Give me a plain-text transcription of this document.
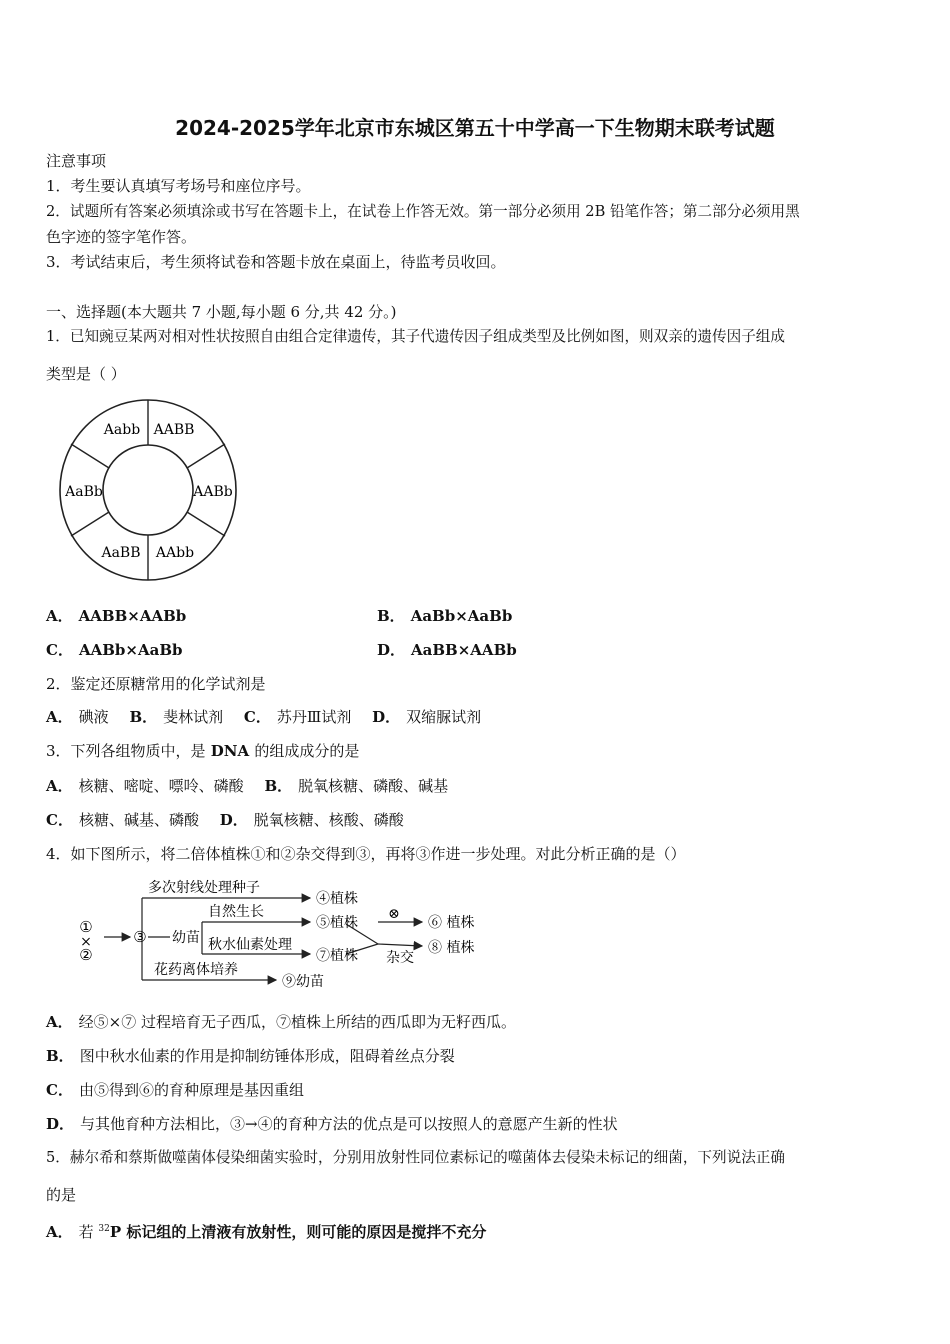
2024-2025学年北京市东城区第五十中学高一下生物期末联考试题
注意事项
1．考生要认真填写考场号和座位序号。
2．试题所有答案必须填涂或书写在答题卡上，在试卷上作答无效。第一部分必须用 2B 铅笔作答；第二部分必须用黑
色字迹的签字笔作答。
3．考试结束后，考生须将试卷和答题卡放在桌面上，待监考员收回。
一、选择题(本大题共 7 小题,每小题 6 分,共 42 分。)
1．已知豌豆某两对相对性状按照自由组合定律遗传，其子代遗传因子组成类型及比例如图，则双亲的遗传因子组成
类型是（ ）
Aabb AABB
AABb
AAbb
AaBB
AaBb
A． AABB×AABb	B． AaBb×AaBb
C． AABb×AaBb	D． AaBB×AABb
2．鉴定还原糖常用的化学试剂是
A． 碘液 B． 斐林试剂 C． 苏丹Ⅲ试剂 D． 双缩脲试剂
3．下列各组物质中，是 DNA 的组成成分的是
A． 核糖、嘧啶、嘌呤、磷酸 B． 脱氧核糖、磷酸、碱基
C． 核糖、碱基、磷酸 D． 脱氧核糖、核酸、磷酸
4．如下图所示，将二倍体植株①和②杂交得到③，再将③作进一步处理。对此分析正确的是（）
①
×
②
③ 幼苗
多次射线处理种子
④植株
自然生长
⑤植株
秋水仙素处理
⑦植株
花药离体培养
⑨幼苗
⊗
⑥ 植株
杂交
⑧ 植株
A． 经⑤×⑦ 过程培育无子西瓜，⑦植株上所结的西瓜即为无籽西瓜。
B． 图中秋水仙素的作用是抑制纺锤体形成，阻碍着丝点分裂
C． 由⑤得到⑥的育种原理是基因重组
D． 与其他育种方法相比，③→④的育种方法的优点是可以按照人的意愿产生新的性状
5．赫尔希和蔡斯做噬菌体侵染细菌实验时，分别用放射性同位素标记的噬菌体去侵染未标记的细菌，下列说法正确
的是
A． 若 $^{32}$P 标记组的上清液有放射性，则可能的原因是搅拌不充分
